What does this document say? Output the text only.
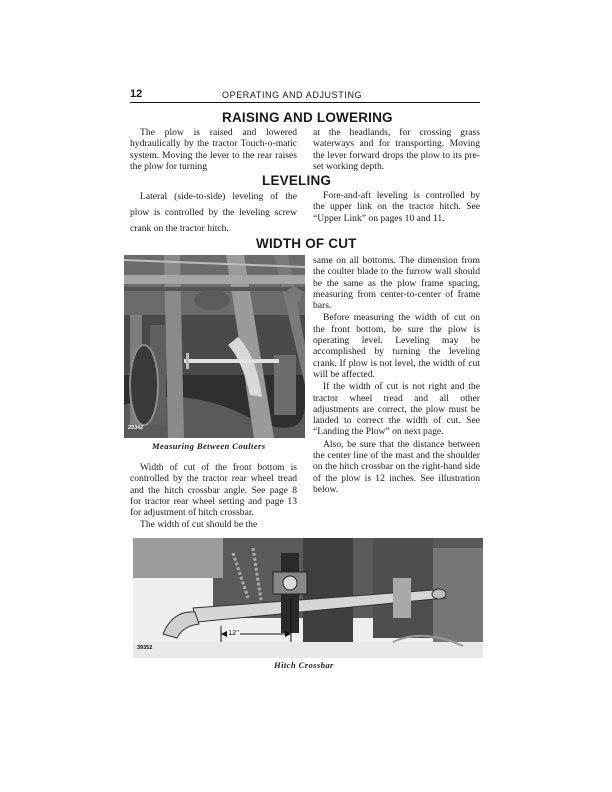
12	OPERATING AND ADJUSTING
RAISING AND LOWERING

The plow is raised and lowered hydraulically by the tractor Touch-o-matic system. Moving the lever to the rear raises the plow for turning

at the headlands, for crossing grass waterways and for transporting. Moving the lever forward drops the plow to its pre-set working depth.

LEVELING

Lateral (side-to-side) leveling of the plow is controlled by the leveling screw crank on the tractor hitch.

Fore-and-aft leveling is controlled by the upper link on the tractor hitch. See “Upper Link” on pages 10 and 11.

WIDTH OF CUT
29342
Measuring Between Coulters

Width of cut of the front bottom is controlled by the tractor rear wheel tread and the hitch crossbar angle. See page 8 for tractor rear wheel setting and page 13 for adjustment of hitch crossbar.

The width of cut should be the

same on all bottoms. The dimension from the coulter blade to the furrow wall should be the same as the plow frame spacing, measuring from center-to-center of frame bars.

Before measuring the width of cut on the front bottom, be sure the plow is operating level. Leveling may be accomplished by turning the leveling crank. If plow is not level, the width of cut will be affected.

If the width of cut is not right and the tractor wheel tread and all other adjustments are correct, the plow must be landed to correct the width of cut. See “Landing the Plow” on next page.

Also, be sure that the distance between the center line of the mast and the shoulder on the hitch crossbar on the right-hand side of the plow is 12 inches. See illustration below.

12"
39352
Hitch Crossbar
